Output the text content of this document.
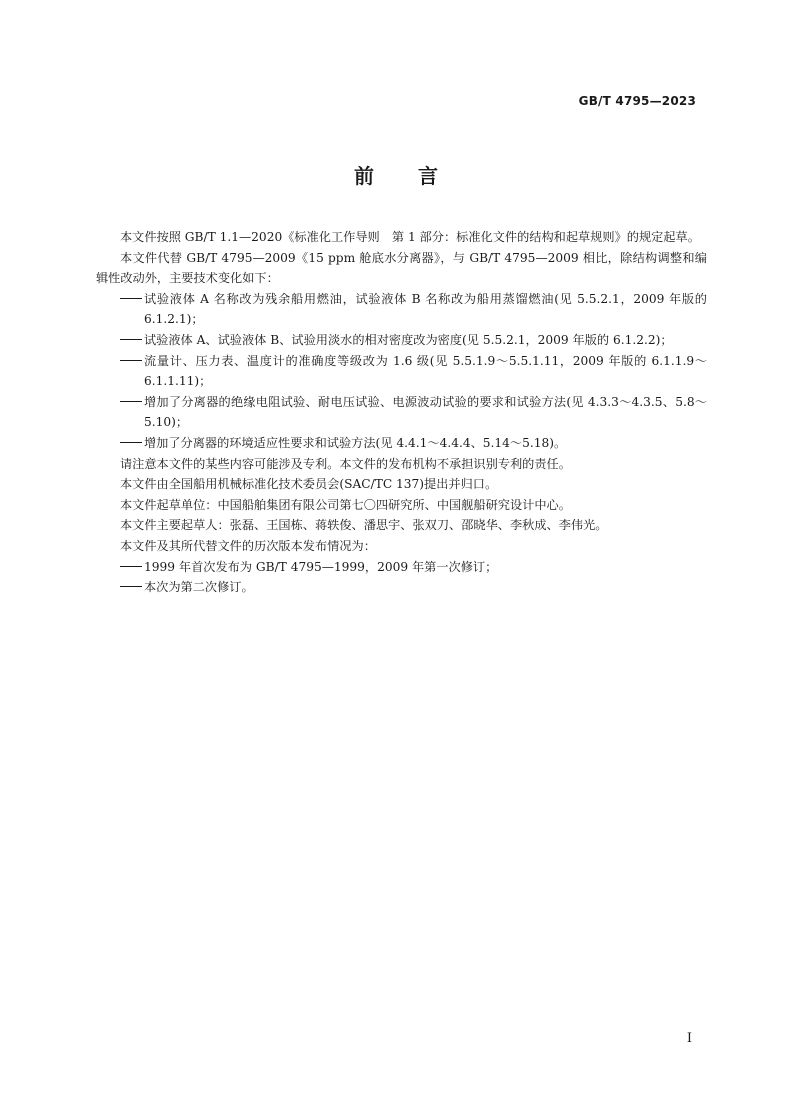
GB/T 4795—2023
前 言

本文件按照 GB/T 1.1—2020《标准化工作导则　第 1 部分：标准化文件的结构和起草规则》的规定起草。

本文件代替 GB/T 4795—2009《15 ppm 舱底水分离器》，与 GB/T 4795—2009 相比，除结构调整和编辑性改动外，主要技术变化如下：

试验液体 A 名称改为残余船用燃油，试验液体 B 名称改为船用蒸馏燃油(见 5.5.2.1，2009 年版的 6.1.2.1)；
试验液体 A、试验液体 B、试验用淡水的相对密度改为密度(见 5.5.2.1，2009 年版的 6.1.2.2)；
流量计、压力表、温度计的准确度等级改为 1.6 级(见 5.5.1.9～5.5.1.11，2009 年版的 6.1.1.9～6.1.1.11)；
增加了分离器的绝缘电阻试验、耐电压试验、电源波动试验的要求和试验方法(见 4.3.3～4.3.5、5.8～5.10)；
增加了分离器的环境适应性要求和试验方法(见 4.4.1～4.4.4、5.14～5.18)。

请注意本文件的某些内容可能涉及专利。本文件的发布机构不承担识别专利的责任。

本文件由全国船用机械标准化技术委员会(SAC/TC 137)提出并归口。

本文件起草单位：中国船舶集团有限公司第七〇四研究所、中国舰船研究设计中心。

本文件主要起草人：张磊、王国栋、蒋轶俊、潘思宇、张双刀、邵晓华、李秋成、李伟光。

本文件及其所代替文件的历次版本发布情况为：

1999 年首次发布为 GB/T 4795—1999，2009 年第一次修订；
本次为第二次修订。
I
